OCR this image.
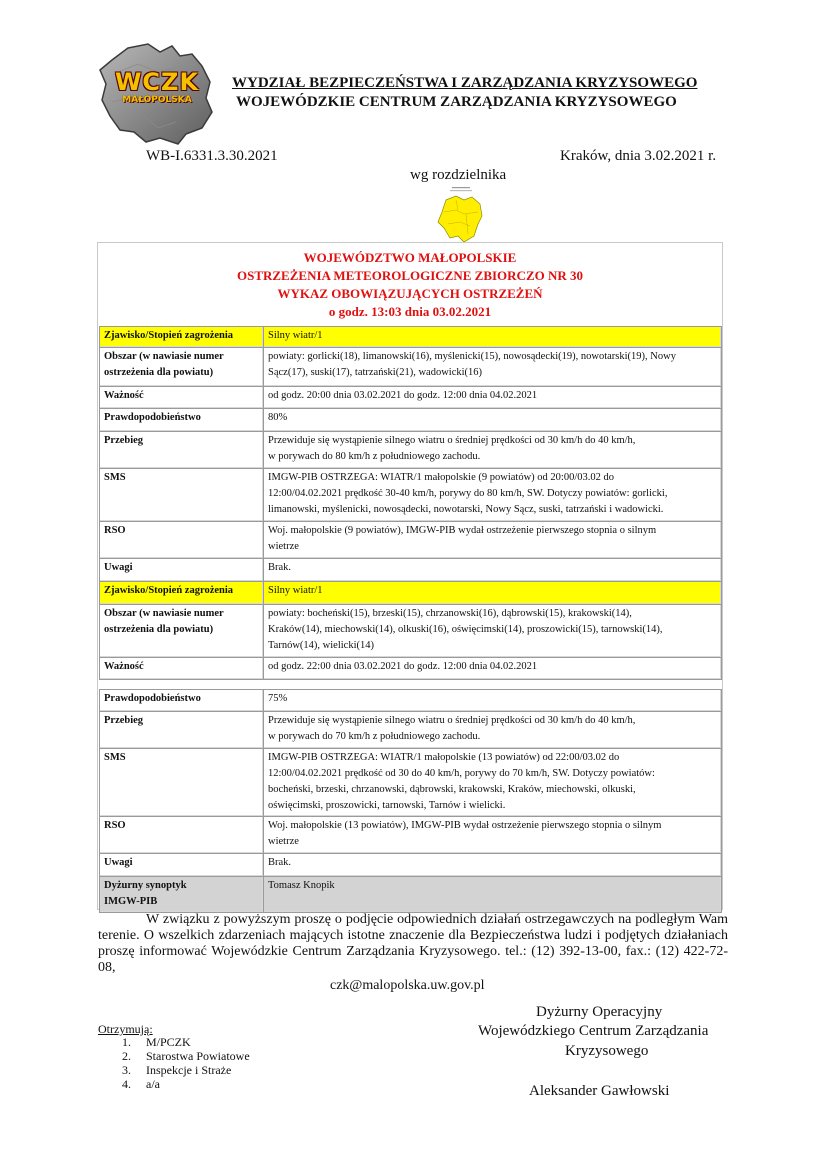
WCZK
MAŁOPOLSKA
WYDZIAŁ BEZPIECZEŃSTWA I ZARZĄDZANIA KRYZYSOWEGO
WOJEWÓDZKIE CENTRUM ZARZĄDZANIA KRYZYSOWEGO
WB-I.6331.3.30.2021	Kraków, dnia 3.02.2021 r.
wg rozdzielnika
WOJEWÓDZTWO MAŁOPOLSKIE
OSTRZEŻENIA METEOROLOGICZNE ZBIORCZO NR 30
WYKAZ OBOWIĄZUJĄCYCH OSTRZEŻEŃ
o godz. 13:03 dnia 03.02.2021
Zjawisko/Stopień zagrożenia	Silny wiatr/1

Obszar (w nawiasie numer
ostrzeżenia dla powiatu)	powiaty: gorlicki(18), limanowski(16), myślenicki(15), nowosądecki(19), nowotarski(19), Nowy
Sącz(17), suski(17), tatrzański(21), wadowicki(16)

Ważność	od godz. 20:00 dnia 03.02.2021 do godz. 12:00 dnia 04.02.2021
Prawdopodobieństwo	80%
Przebieg	Przewiduje się wystąpienie silnego wiatru o średniej prędkości od 30 km/h do 40 km/h,
w porywach do 80 km/h z południowego zachodu.

SMS	IMGW-PIB OSTRZEGA: WIATR/1 małopolskie (9 powiatów) od 20:00/03.02 do
12:00/04.02.2021 prędkość 30-40 km/h, porywy do 80 km/h, SW. Dotyczy powiatów: gorlicki,
limanowski, myślenicki, nowosądecki, nowotarski, Nowy Sącz, suski, tatrzański i wadowicki.

RSO	Woj. małopolskie (9 powiatów), IMGW-PIB wydał ostrzeżenie pierwszego stopnia o silnym
wietrze

Uwagi	Brak.
Zjawisko/Stopień zagrożenia	Silny wiatr/1

Obszar (w nawiasie numer
ostrzeżenia dla powiatu)	powiaty: bocheński(15), brzeski(15), chrzanowski(16), dąbrowski(15), krakowski(14),
Kraków(14), miechowski(14), olkuski(16), oświęcimski(14), proszowicki(15), tarnowski(14),
Tarnów(14), wielicki(14)

Ważność	od godz. 22:00 dnia 03.02.2021 do godz. 12:00 dnia 04.02.2021
Prawdopodobieństwo	75%
Przebieg	Przewiduje się wystąpienie silnego wiatru o średniej prędkości od 30 km/h do 40 km/h,
w porywach do 70 km/h z południowego zachodu.

SMS	IMGW-PIB OSTRZEGA: WIATR/1 małopolskie (13 powiatów) od 22:00/03.02 do
12:00/04.02.2021 prędkość od 30 do 40 km/h, porywy do 70 km/h, SW. Dotyczy powiatów:
bocheński, brzeski, chrzanowski, dąbrowski, krakowski, Kraków, miechowski, olkuski,
oświęcimski, proszowicki, tarnowski, Tarnów i wielicki.

RSO	Woj. małopolskie (13 powiatów), IMGW-PIB wydał ostrzeżenie pierwszego stopnia o silnym
wietrze

Uwagi	Brak.

Dyżurny synoptyk
IMGW-PIB	Tomasz Knopik
W związku z powyższym proszę o podjęcie odpowiednich działań ostrzegawczych na podległym Wam terenie. O wszelkich zdarzeniach mających istotne znaczenie dla Bezpieczeństwa ludzi i podjętych działaniach proszę informować Wojewódzkie Centrum Zarządzania Kryzysowego. tel.: (12) 392-13-00, fax.: (12) 422-72-08,
czk@malopolska.uw.gov.pl
Dyżurny Operacyjny
Wojewódzkiego Centrum Zarządzania
Kryzysowego
Aleksander Gawłowski
Otrzymują:
1. M/PCZK
2. Starostwa Powiatowe
3. Inspekcje i Straże
4. a/a
